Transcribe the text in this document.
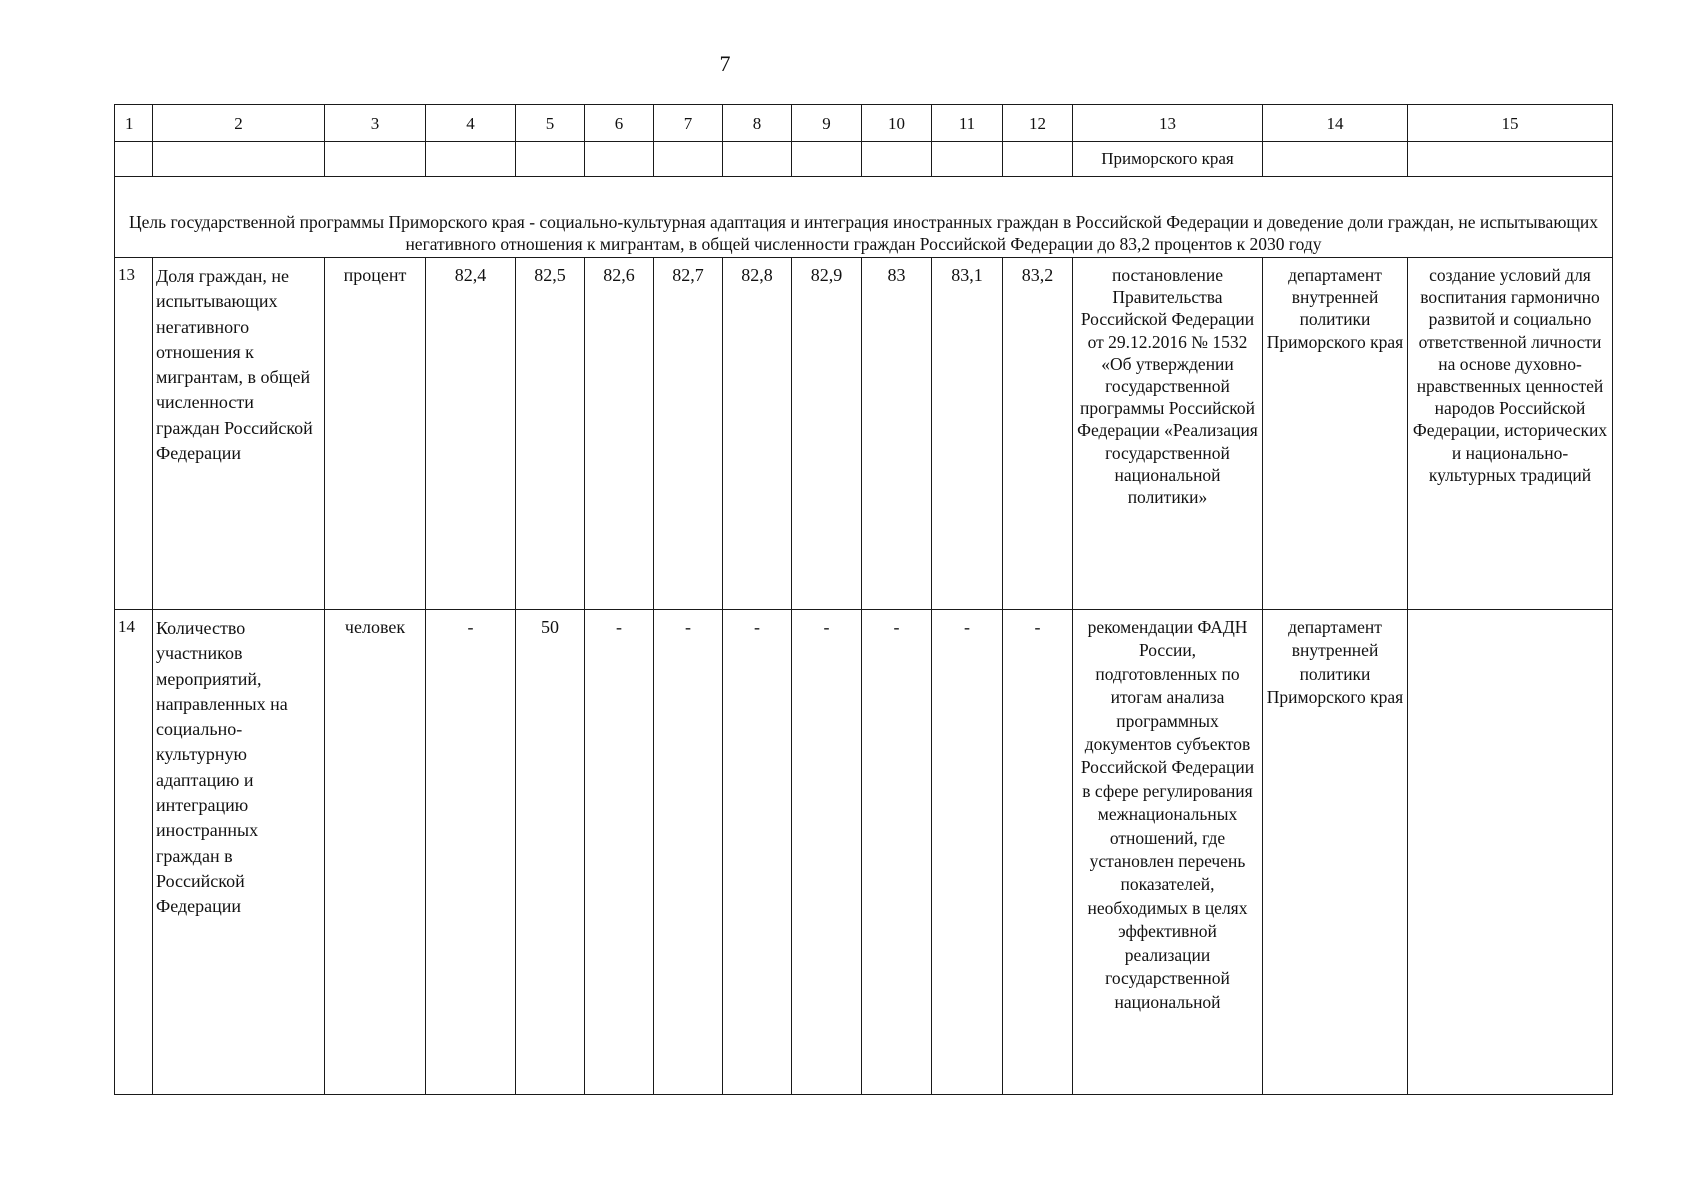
7
1	2	3	4	5	6	7	8	9	10	11	12	13	14	15
												Приморского края		
Цель государственной программы Приморского края - социально-культурная адаптация и интеграция иностранных граждан в Российской Федерации и доведение доли граждан, не испытывающих негативного отношения к мигрантам, в общей численности граждан Российской Федерации до 83,2 процентов к 2030 году														
13	Доля граждан, не испытывающих негативного отношения к мигрантам, в общей численности граждан Российской Федерации	процент	82,4	82,5	82,6	82,7	82,8	82,9	83	83,1	83,2	постановление Правительства Российской Федерации от 29.12.2016 № 1532 «Об утверждении государственной программы Российской Федерации «Реализация государственной национальной политики»	департамент внутренней политики Приморского края	создание условий для воспитания гармонично развитой и социально ответственной личности на основе духовно-нравственных ценностей народов Российской Федерации, исторических и национально-культурных традиций
14	Количество участников мероприятий, направленных на социально-культурную адаптацию и интеграцию иностранных граждан в Российской Федерации	человек	-	50	-	-	-	-	-	-	-	рекомендации ФАДН России, подготовленных по итогам анализа программных документов субъектов Российской Федерации в сфере регулирования межнациональных отношений, где установлен перечень показателей, необходимых в целях эффективной реализации государственной национальной	департамент внутренней политики Приморского края	
